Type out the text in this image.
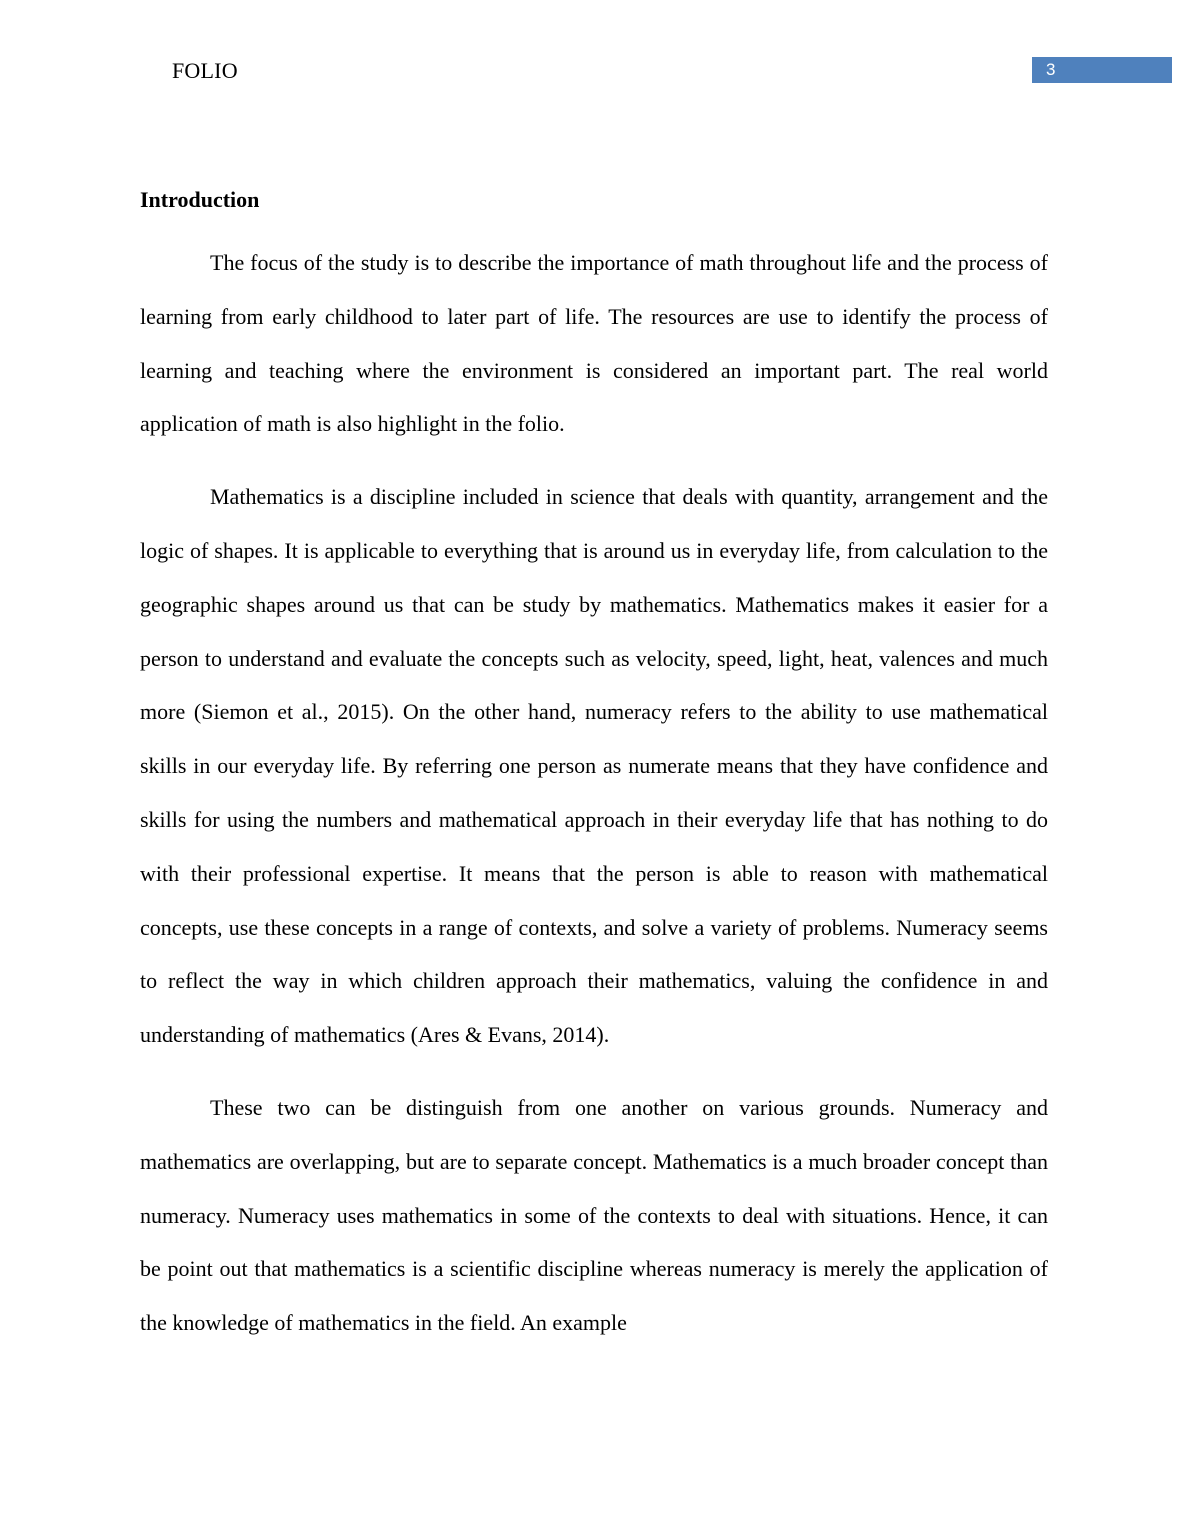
FOLIO	3
Introduction

The focus of the study is to describe the importance of math throughout life and the process of learning from early childhood to later part of life. The resources are use to identify the process of learning and teaching where the environment is considered an important part. The real world application of math is also highlight in the folio.

Mathematics is a discipline included in science that deals with quantity, arrangement and the logic of shapes. It is applicable to everything that is around us in everyday life, from calculation to the geographic shapes around us that can be study by mathematics. Mathematics makes it easier for a person to understand and evaluate the concepts such as velocity, speed, light, heat, valences and much more (Siemon et al., 2015). On the other hand, numeracy refers to the ability to use mathematical skills in our everyday life. By referring one person as numerate means that they have confidence and skills for using the numbers and mathematical approach in their everyday life that has nothing to do with their professional expertise. It means that the person is able to reason with mathematical concepts, use these concepts in a range of contexts, and solve a variety of problems. Numeracy seems to reflect the way in which children approach their mathematics, valuing the confidence in and understanding of mathematics (Ares & Evans, 2014).

These two can be distinguish from one another on various grounds. Numeracy and mathematics are overlapping, but are to separate concept. Mathematics is a much broader concept than numeracy. Numeracy uses mathematics in some of the contexts to deal with situations. Hence, it can be point out that mathematics is a scientific discipline whereas numeracy is merely the application of the knowledge of mathematics in the field. An example
